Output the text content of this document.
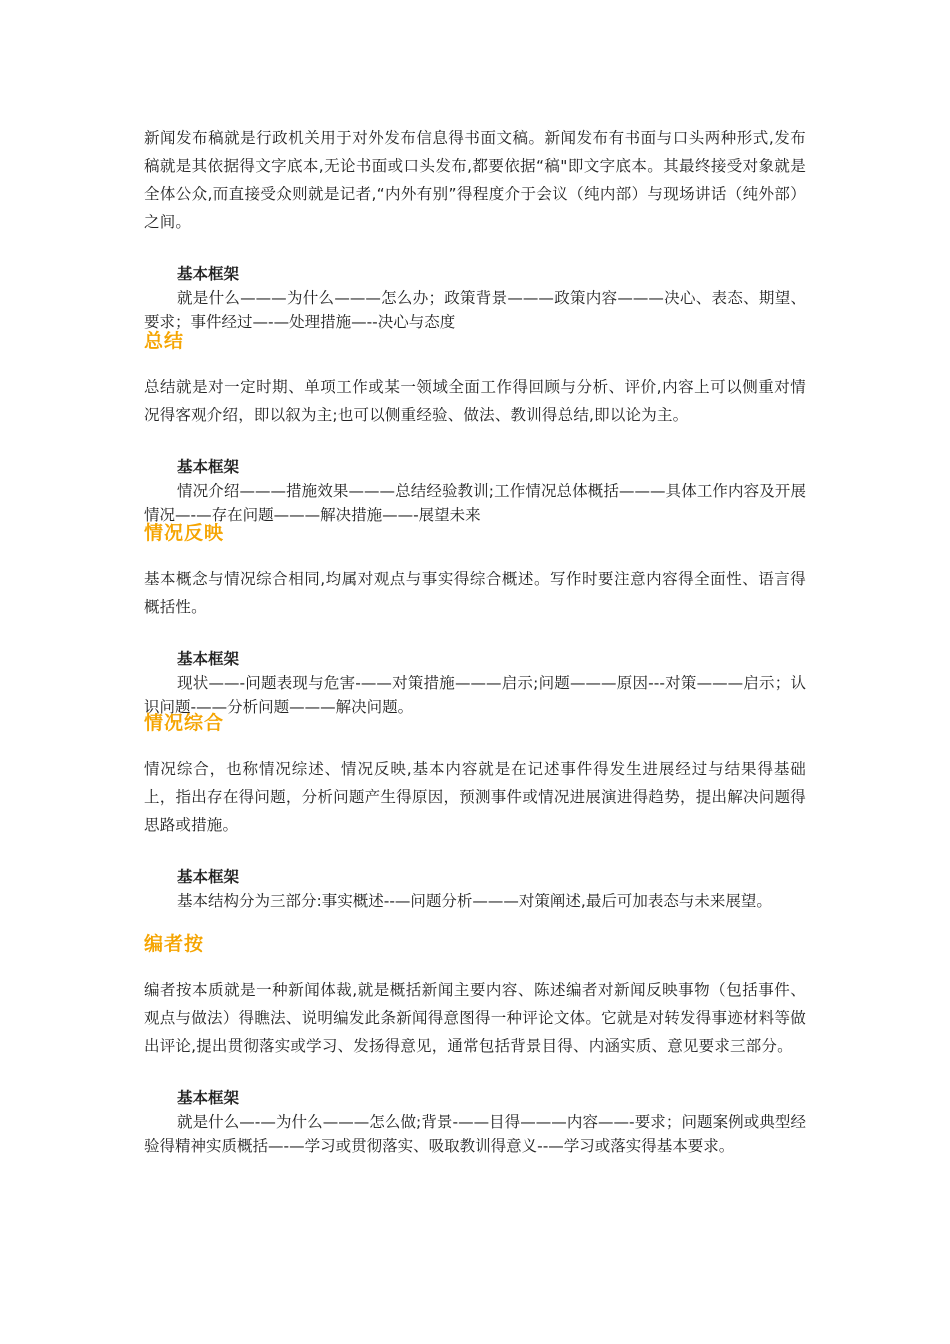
新闻发布稿就是行政机关用于对外发布信息得书面文稿。新闻发布有书面与口头两种形式,发布稿就是其依据得文字底本,无论书面或口头发布,都要依据“稿"即文字底本。其最终接受对象就是全体公众,而直接受众则就是记者,“内外有别”得程度介于会议（纯内部）与现场讲话（纯外部）之间。

基本框架

就是什么———为什么———怎么办；政策背景———政策内容———决心、表态、期望、要求；事件经过—-—处理措施—--决心与态度

总结

总结就是对一定时期、单项工作或某一领域全面工作得回顾与分析、评价,内容上可以侧重对情况得客观介绍，即以叙为主;也可以侧重经验、做法、教训得总结,即以论为主。

基本框架

情况介绍———措施效果———总结经验教训;工作情况总体概括———具体工作内容及开展情况—-—存在问题———解决措施——-展望未来

情况反映

基本概念与情况综合相同,均属对观点与事实得综合概述。写作时要注意内容得全面性、语言得概括性。

基本框架

现状——-问题表现与危害-——对策措施———启示;问题———原因---对策———启示；认识问题-——分析问题———解决问题。

情况综合

情况综合，也称情况综述、情况反映,基本内容就是在记述事件得发生进展经过与结果得基础上，指出存在得问题，分析问题产生得原因，预测事件或情况进展演进得趋势，提出解决问题得思路或措施。

基本框架

基本结构分为三部分:事实概述--—问题分析———对策阐述,最后可加表态与未来展望。

编者按

编者按本质就是一种新闻体裁,就是概括新闻主要内容、陈述编者对新闻反映事物（包括事件、观点与做法）得瞧法、说明编发此条新闻得意图得一种评论文体。它就是对转发得事迹材料等做出评论,提出贯彻落实或学习、发扬得意见，通常包括背景目得、内涵实质、意见要求三部分。

基本框架

就是什么—-—为什么———怎么做;背景-——目得———内容——-要求；问题案例或典型经验得精神实质概括—-—学习或贯彻落实、吸取教训得意义--—学习或落实得基本要求。
